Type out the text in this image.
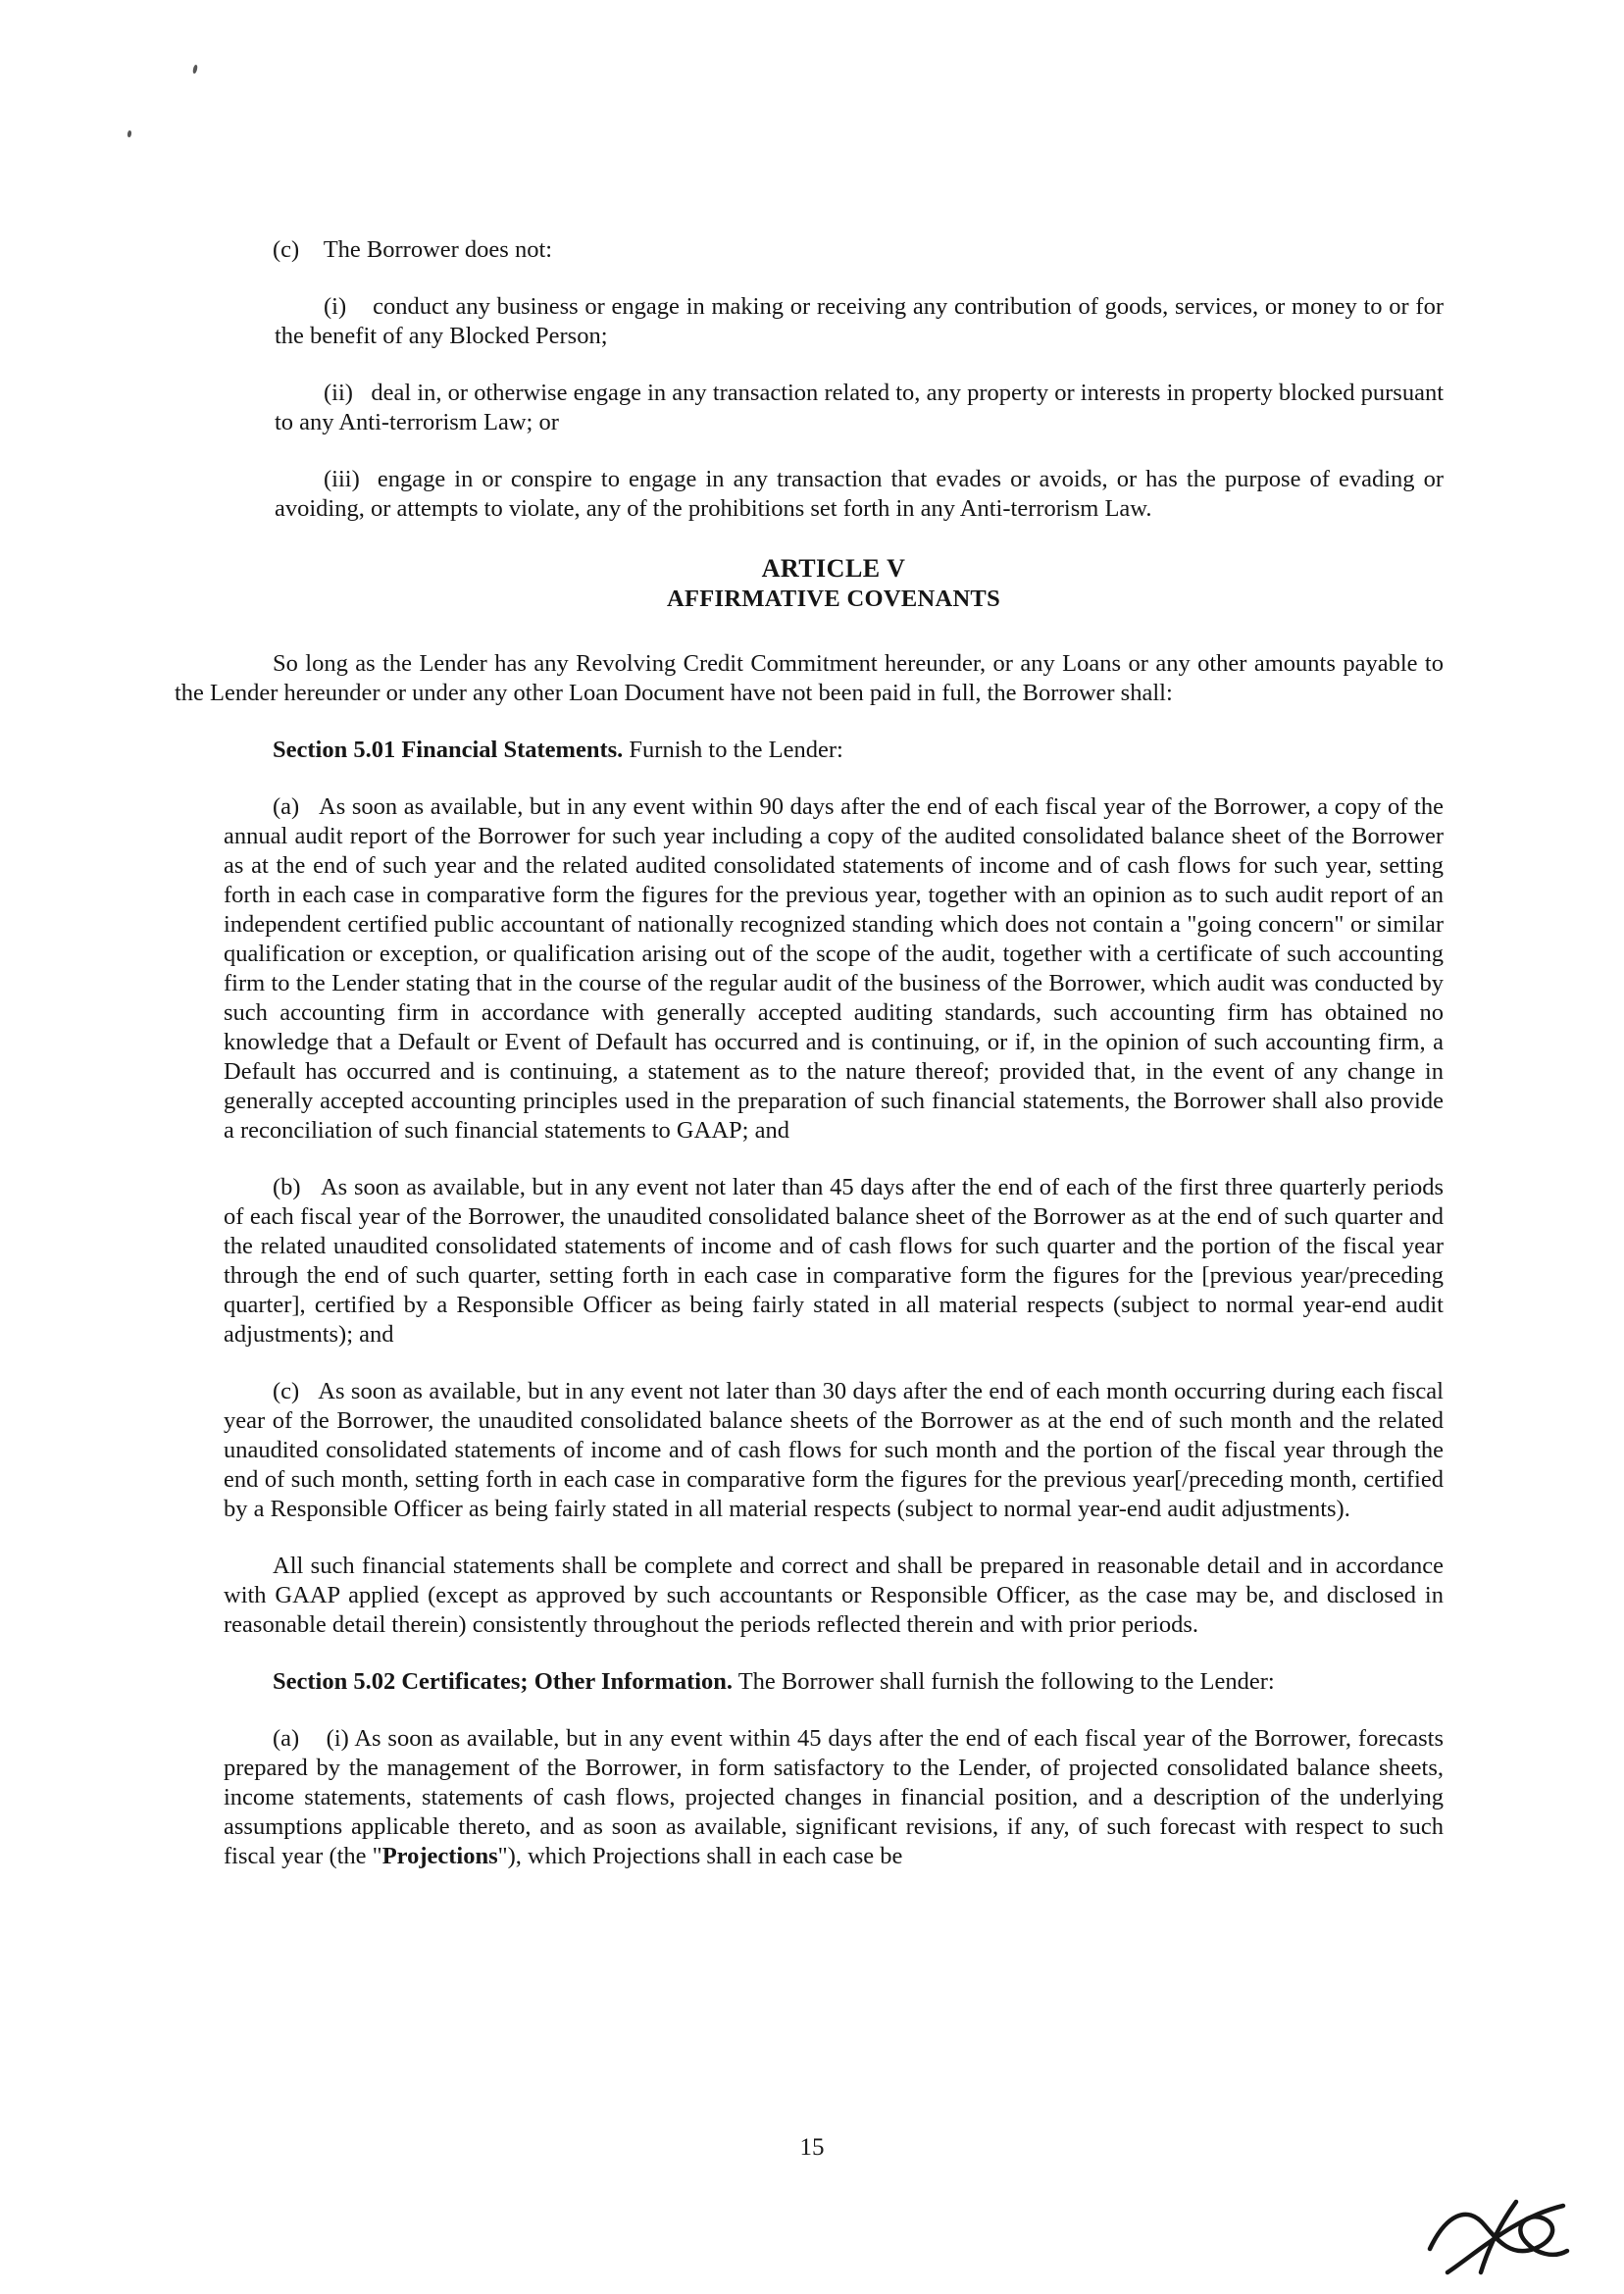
(c)    The Borrower does not:

(i)    conduct any business or engage in making or receiving any contribution of goods, services, or money to or for the benefit of any Blocked Person;

(ii)   deal in, or otherwise engage in any transaction related to, any property or interests in property blocked pursuant to any Anti-terrorism Law; or

(iii)  engage in or conspire to engage in any transaction that evades or avoids, or has the purpose of evading or avoiding, or attempts to violate, any of the prohibitions set forth in any Anti-terrorism Law.

ARTICLE V
AFFIRMATIVE COVENANTS

So long as the Lender has any Revolving Credit Commitment hereunder, or any Loans or any other amounts payable to the Lender hereunder or under any other Loan Document have not been paid in full, the Borrower shall:

Section 5.01 Financial Statements. Furnish to the Lender:

(a)   As soon as available, but in any event within 90 days after the end of each fiscal year of the Borrower, a copy of the annual audit report of the Borrower for such year including a copy of the audited consolidated balance sheet of the Borrower as at the end of such year and the related audited consolidated statements of income and of cash flows for such year, setting forth in each case in comparative form the figures for the previous year, together with an opinion as to such audit report of an independent certified public accountant of nationally recognized standing which does not contain a "going concern" or similar qualification or exception, or qualification arising out of the scope of the audit, together with a certificate of such accounting firm to the Lender stating that in the course of the regular audit of the business of the Borrower, which audit was conducted by such accounting firm in accordance with generally accepted auditing standards, such accounting firm has obtained no knowledge that a Default or Event of Default has occurred and is continuing, or if, in the opinion of such accounting firm, a Default has occurred and is continuing, a statement as to the nature thereof; provided that, in the event of any change in generally accepted accounting principles used in the preparation of such financial statements, the Borrower shall also provide a reconciliation of such financial statements to GAAP; and

(b)   As soon as available, but in any event not later than 45 days after the end of each of the first three quarterly periods of each fiscal year of the Borrower, the unaudited consolidated balance sheet of the Borrower as at the end of such quarter and the related unaudited consolidated statements of income and of cash flows for such quarter and the portion of the fiscal year through the end of such quarter, setting forth in each case in comparative form the figures for the [previous year/preceding quarter], certified by a Responsible Officer as being fairly stated in all material respects (subject to normal year-end audit adjustments); and

(c)   As soon as available, but in any event not later than 30 days after the end of each month occurring during each fiscal year of the Borrower, the unaudited consolidated balance sheets of the Borrower as at the end of such month and the related unaudited consolidated statements of income and of cash flows for such month and the portion of the fiscal year through the end of such month, setting forth in each case in comparative form the figures for the previous year[/preceding month, certified by a Responsible Officer as being fairly stated in all material respects (subject to normal year-end audit adjustments).

All such financial statements shall be complete and correct and shall be prepared in reasonable detail and in accordance with GAAP applied (except as approved by such accountants or Responsible Officer, as the case may be, and disclosed in reasonable detail therein) consistently throughout the periods reflected therein and with prior periods.

Section 5.02 Certificates; Other Information. The Borrower shall furnish the following to the Lender:

(a)    (i) As soon as available, but in any event within 45 days after the end of each fiscal year of the Borrower, forecasts prepared by the management of the Borrower, in form satisfactory to the Lender, of projected consolidated balance sheets, income statements, statements of cash flows, projected changes in financial position, and a description of the underlying assumptions applicable thereto, and as soon as available, significant revisions, if any, of such forecast with respect to such fiscal year (the "Projections"), which Projections shall in each case be

15
